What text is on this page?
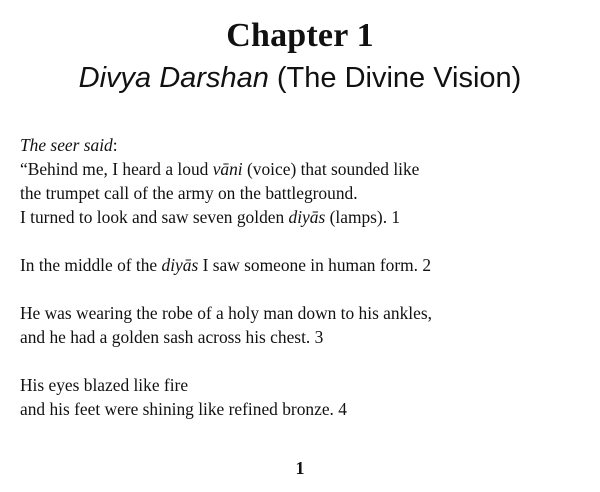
Chapter 1
Divya Darshan (The Divine Vision)
The seer said:
“Behind me, I heard a loud vāni (voice) that sounded like
the trumpet call of the army on the battleground.
I turned to look and saw seven golden diyās (lamps). 1
In the middle of the diyās I saw someone in human form. 2
He was wearing the robe of a holy man down to his ankles,
and he had a golden sash across his chest. 3
His eyes blazed like fire
and his feet were shining like refined bronze. 4
1
